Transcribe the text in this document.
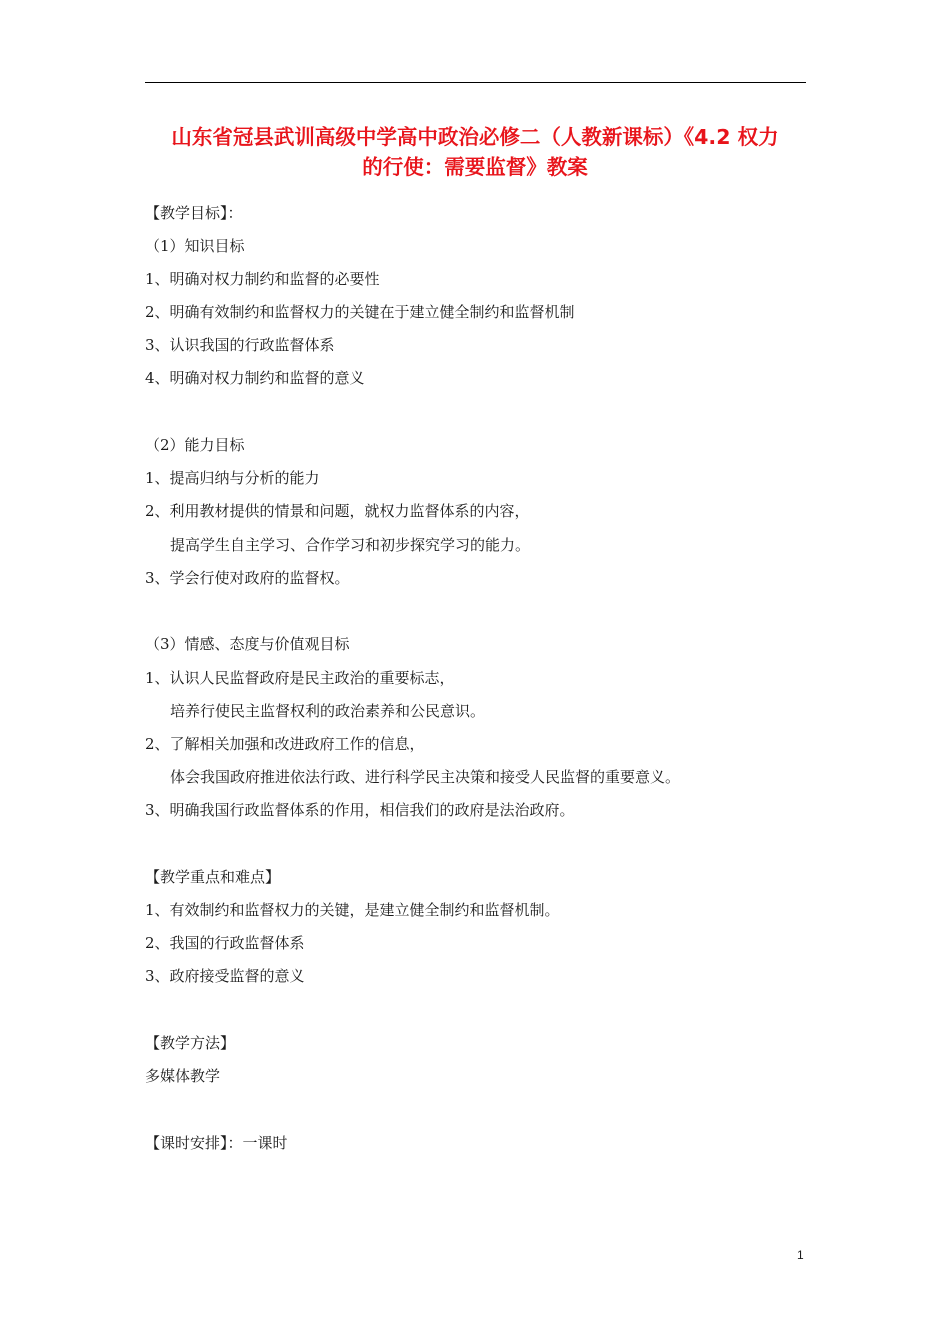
山东省冠县武训高级中学高中政治必修二（人教新课标）《4.2 权力
的行使：需要监督》教案
【教学目标】：
（1）知识目标
1、明确对权力制约和监督的必要性
2、明确有效制约和监督权力的关键在于建立健全制约和监督机制
3、认识我国的行政监督体系
4、明确对权力制约和监督的意义
（2）能力目标
1、提高归纳与分析的能力
2、利用教材提供的情景和问题，就权力监督体系的内容，
提高学生自主学习、合作学习和初步探究学习的能力。
3、学会行使对政府的监督权。
（3）情感、态度与价值观目标
1、认识人民监督政府是民主政治的重要标志，
培养行使民主监督权利的政治素养和公民意识。
2、了解相关加强和改进政府工作的信息，
体会我国政府推进依法行政、进行科学民主决策和接受人民监督的重要意义。
3、明确我国行政监督体系的作用，相信我们的政府是法治政府。
【教学重点和难点】
1、有效制约和监督权力的关键，是建立健全制约和监督机制。
2、我国的行政监督体系
3、政府接受监督的意义
【教学方法】
多媒体教学
【课时安排】：一课时
1
